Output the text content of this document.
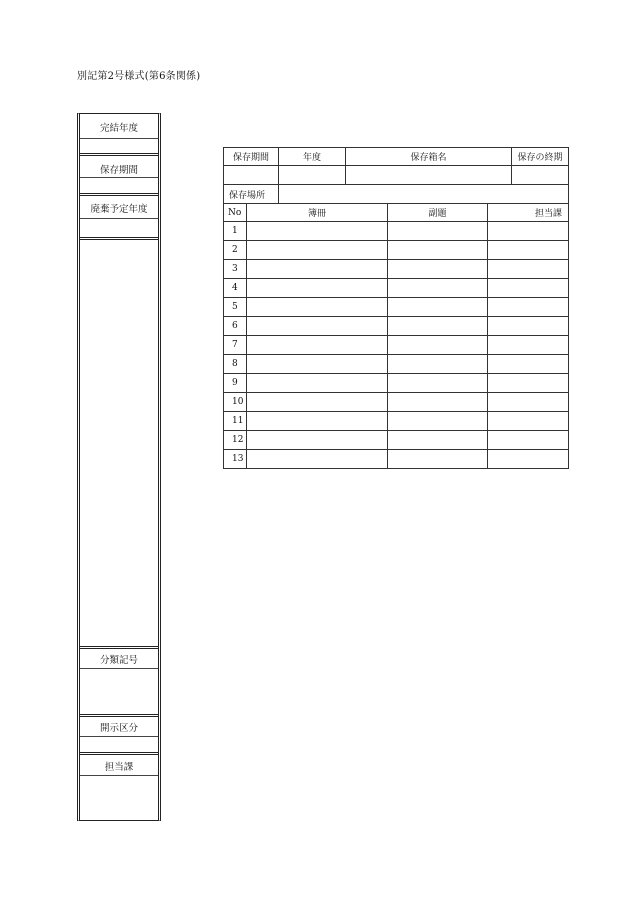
別記第2号様式(第6条関係)
完結年度
保存期間
廃棄予定年度
分類記号
開示区分
担当課
保存期間		年度	保存箱名			保存の終期

保存場所						
No	簿冊			副題	担当課	
1						
2						
3						
4						
5						
6						
7						
8						
9						
10						
11						
12						
13						
